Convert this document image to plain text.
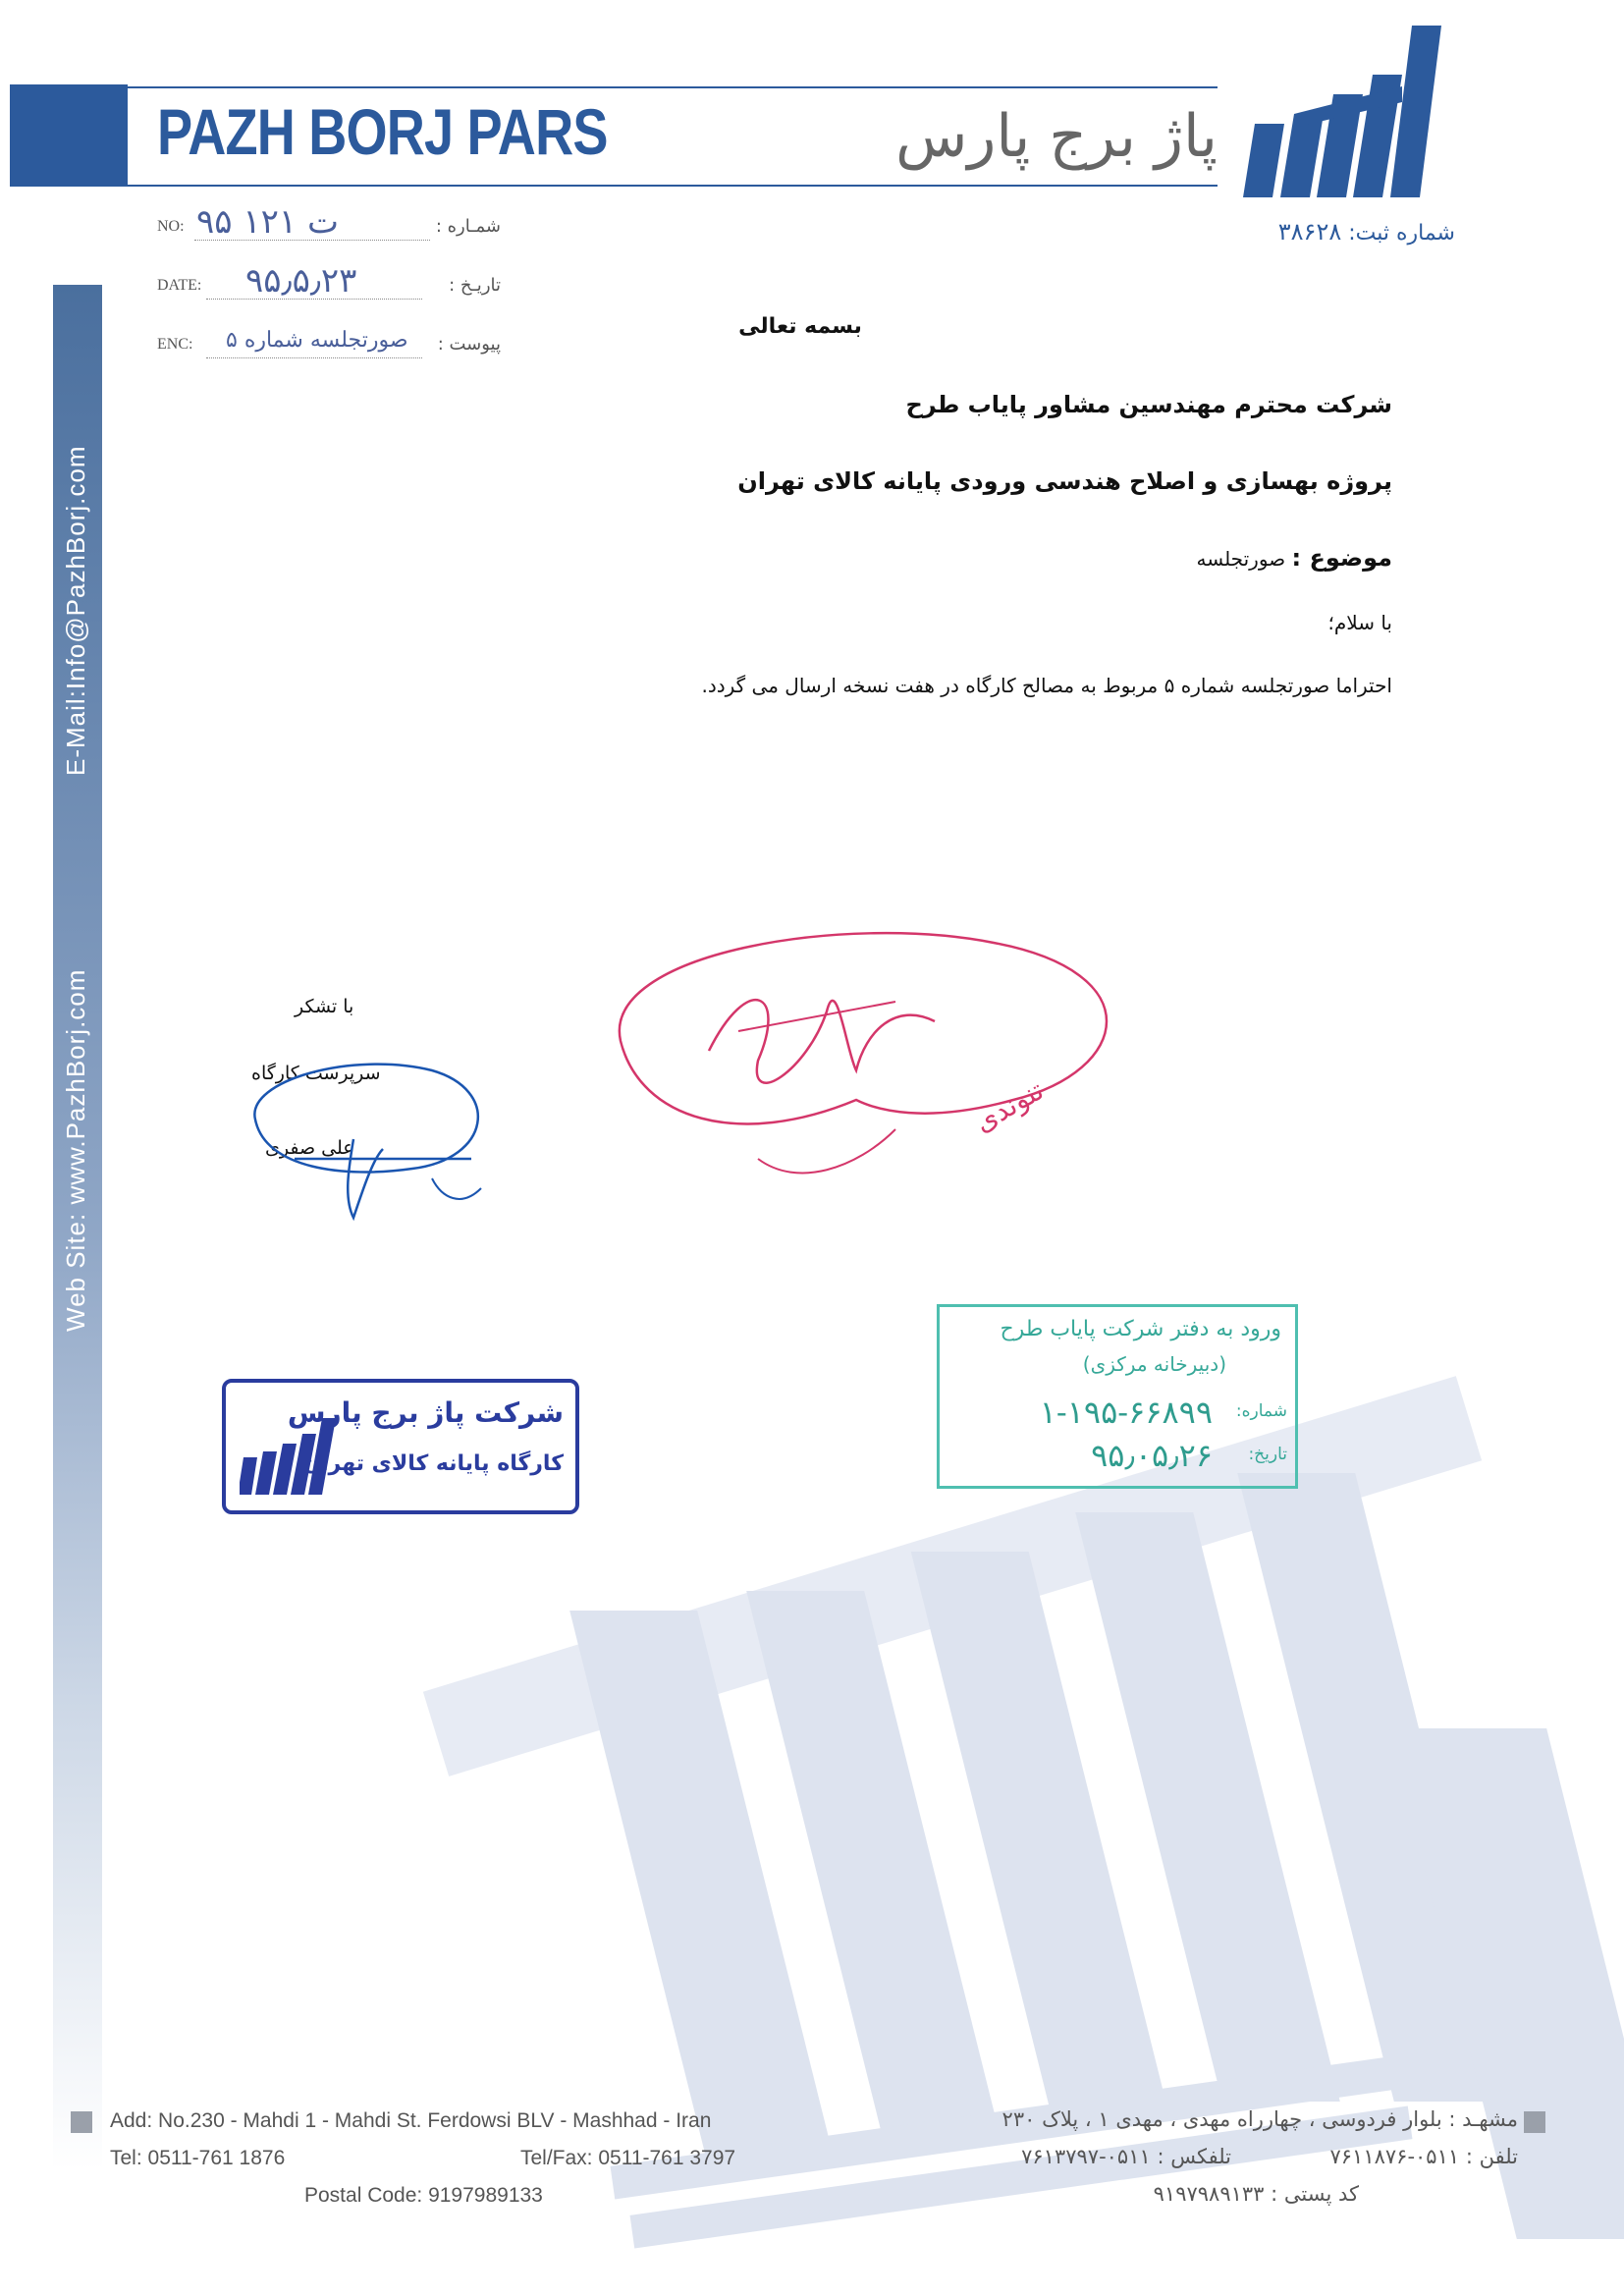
PAZH BORJ PARS	پاژ برج پارس
شماره ثبت: ۳۸۶۲۸
E-Mail:Info@PazhBorj.com
Web Site: www.PazhBorj.com
NO: ۹۵ ت ۱۲۱	شمـاره :
DATE: ۹۵٫۵٫۲۳	تاریـخ :
ENC: صورتجلسه شماره ۵ پیوست :
بسمه تعالی
شرکت محترم مهندسین مشاور پایاب طرح
پروژه بهسازی و اصلاح هندسی ورودی پایانه کالای تهران
موضوع : صورتجلسه
با سلام؛
احتراما صورتجلسه شماره ۵ مربوط به مصالح کارگاه در هفت نسخه ارسال می گردد.
با تشکر
سرپرست کارگاه
علی صفری
تنوندی
شرکت پاژ برج پارس
کارگاه پایانه کالای تهران
ورود به دفتر شرکت پایاب طرح
(دبیرخانه مرکزی)
شماره:
۱-۱۹۵-۶۶۸۹۹
تاریخ:
۹۵٫۰۵٫۲۶
Add: No.230 - Mahdi 1 - Mahdi St. Ferdowsi BLV - Mashhad - Iran
Tel: 0511-761 1876	Tel/Fax: 0511-761 3797
Postal Code: 9197989133
مشهـد : بلوار فردوسی ، چهارراه مهدی ، مهدی ۱ ، پلاک ۲۳۰
تلفن : ۰۵۱۱-۷۶۱۱۸۷۶
تلفکس : ۰۵۱۱-۷۶۱۳۷۹۷
کد پستی : ۹۱۹۷۹۸۹۱۳۳
